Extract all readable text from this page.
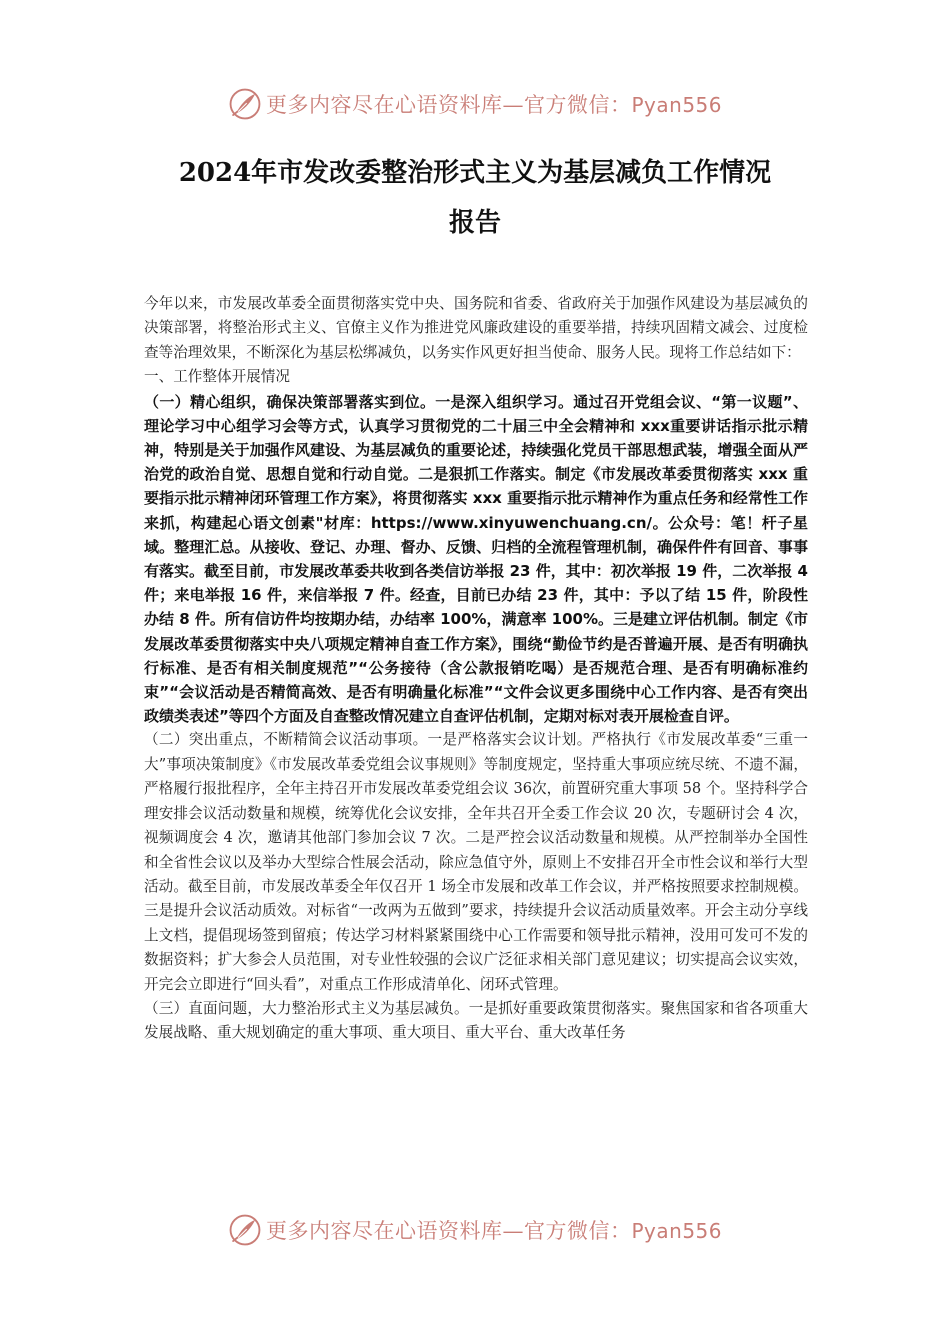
更多内容尽在心语资料库—官方微信：Pyan556
2024年市发改委整治形式主义为基层减负工作情况
报告

今年以来，市发展改革委全面贯彻落实党中央、国务院和省委、省政府关于加强作风建设为基层减负的决策部署，将整治形式主义、官僚主义作为推进党风廉政建设的重要举措，持续巩固精文减会、过度检查等治理效果，不断深化为基层松绑减负，以务实作风更好担当使命、服务人民。现将工作总结如下：

一、工作整体开展情况

（一）精心组织，确保决策部署落实到位。一是深入组织学习。通过召开党组会议、“第一议题”、理论学习中心组学习会等方式，认真学习贯彻党的二十届三中全会精神和 xxx重要讲话指示批示精神，特别是关于加强作风建设、为基层减负的重要论述，持续强化党员干部思想武装，增强全面从严治党的政治自觉、思想自觉和行动自觉。二是狠抓工作落实。制定《市发展改革委贯彻落实 xxx 重要指示批示精神闭环管理工作方案》，将贯彻落实 xxx 重要指示批示精神作为重点任务和经常性工作来抓，构建起心语文创素"材库：https://www.xinyuwenchuang.cn/。公众号：笔！杆子星域。整理汇总。从接收、登记、办理、督办、反馈、归档的全流程管理机制，确保件件有回音、事事有落实。截至目前，市发展改革委共收到各类信访举报 23 件，其中：初次举报 19 件，二次举报 4 件；来电举报 16 件，来信举报 7 件。经查，目前已办结 23 件，其中：予以了结 15 件，阶段性办结 8 件。所有信访件均按期办结，办结率 100%，满意率 100%。三是建立评估机制。制定《市发展改革委贯彻落实中央八项规定精神自查工作方案》，围绕“勤俭节约是否普遍开展、是否有明确执行标准、是否有相关制度规范”“公务接待（含公款报销吃喝）是否规范合理、是否有明确标准约束”“会议活动是否精简高效、是否有明确量化标准”“文件会议更多围绕中心工作内容、是否有突出政绩类表述”等四个方面及自查整改情况建立自查评估机制，定期对标对表开展检查自评。

（二）突出重点，不断精简会议活动事项。一是严格落实会议计划。严格执行《市发展改革委“三重一大”事项决策制度》《市发展改革委党组会议事规则》等制度规定，坚持重大事项应统尽统、不遗不漏，严格履行报批程序，全年主持召开市发展改革委党组会议 36次，前置研究重大事项 58 个。坚持科学合理安排会议活动数量和规模，统筹优化会议安排，全年共召开全委工作会议 20 次，专题研讨会 4 次，视频调度会 4 次，邀请其他部门参加会议 7 次。二是严控会议活动数量和规模。从严控制举办全国性和全省性会议以及举办大型综合性展会活动，除应急值守外，原则上不安排召开全市性会议和举行大型活动。截至目前，市发展改革委全年仅召开 1 场全市发展和改革工作会议，并严格按照要求控制规模。三是提升会议活动质效。对标省“一改两为五做到”要求，持续提升会议活动质量效率。开会主动分享线上文档，提倡现场签到留痕；传达学习材料紧紧围绕中心工作需要和领导批示精神，没用可发可不发的数据资料；扩大参会人员范围，对专业性较强的会议广泛征求相关部门意见建议；切实提高会议实效，开完会立即进行“回头看”，对重点工作形成清单化、闭环式管理。

（三）直面问题，大力整治形式主义为基层减负。一是抓好重要政策贯彻落实。聚焦国家和省各项重大发展战略、重大规划确定的重大事项、重大项目、重大平台、重大改革任务

更多内容尽在心语资料库—官方微信：Pyan556
